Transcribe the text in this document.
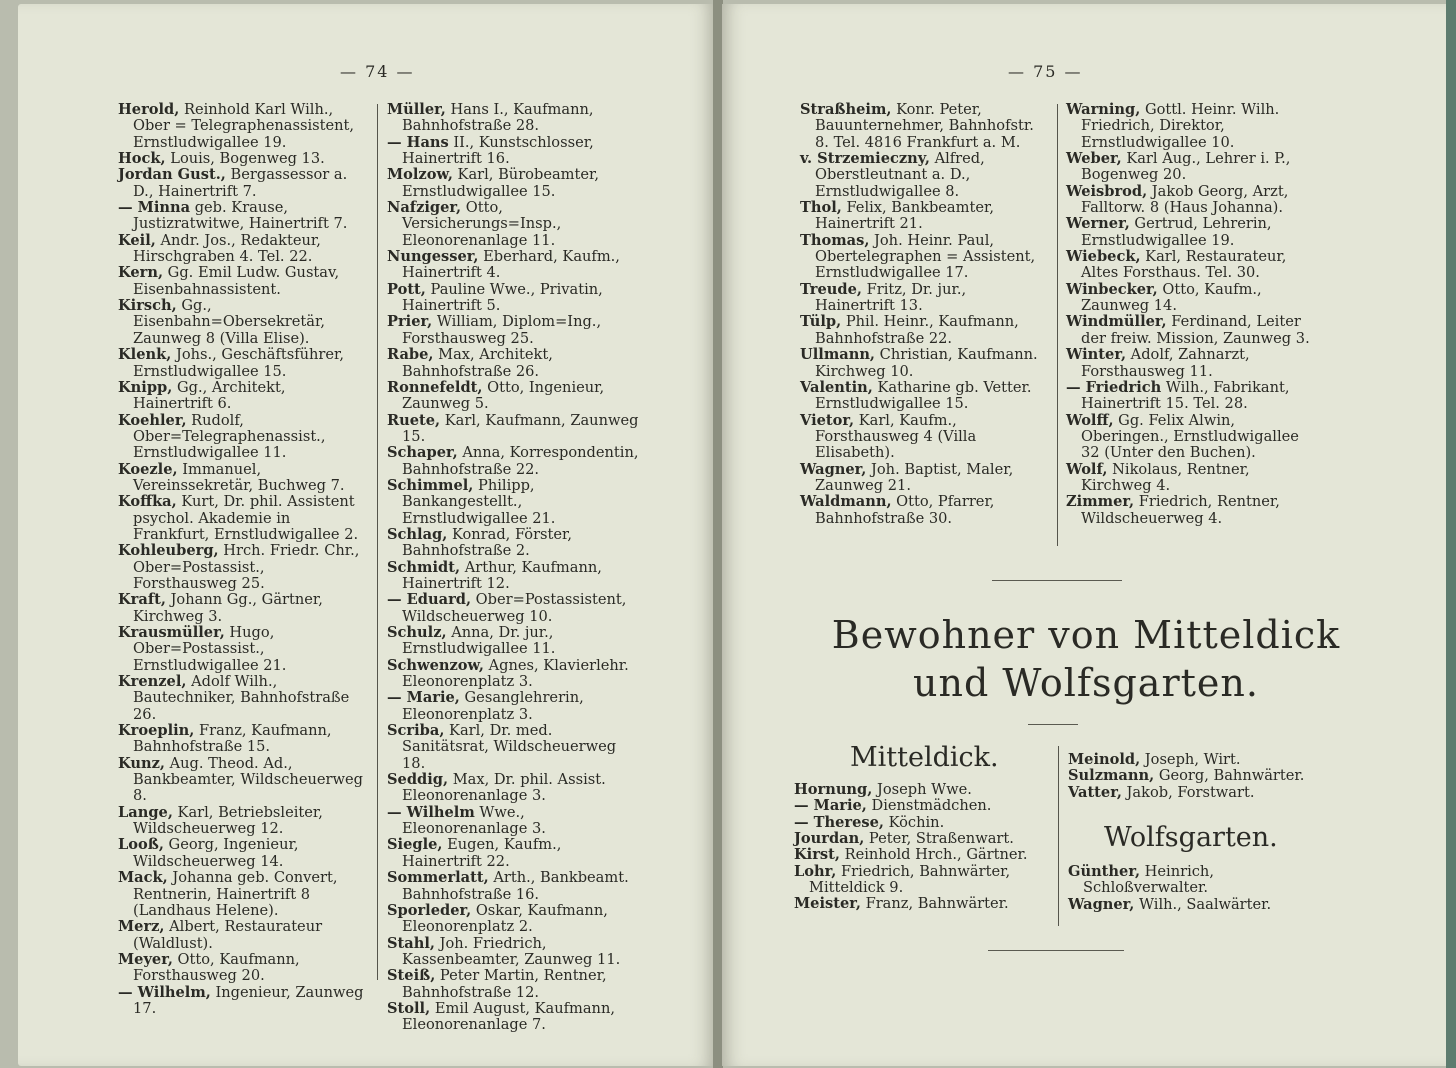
— 74 —

Herold, Reinhold Karl Wilh., Ober = Telegraphenassistent, Ernstludwigallee 19.

Hock, Louis, Bogenweg 13.

Jordan Gust., Bergassessor a. D., Hainertrift 7.

— Minna geb. Krause, Justizratwitwe, Hainertrift 7.

Keil, Andr. Jos., Redakteur, Hirschgraben 4. Tel. 22.

Kern, Gg. Emil Ludw. Gustav, Eisenbahnassistent.

Kirsch, Gg., Eisenbahn=Obersekretär, Zaunweg 8 (Villa Elise).

Klenk, Johs., Geschäftsführer, Ernstludwigallee 15.

Knipp, Gg., Architekt, Hainertrift 6.

Koehler, Rudolf, Ober=Telegraphenassist., Ernstludwigallee 11.

Koezle, Immanuel, Vereinssekretär, Buchweg 7.

Koffka, Kurt, Dr. phil. Assistent psychol. Akademie in Frankfurt, Ernstludwigallee 2.

Kohleuberg, Hrch. Friedr. Chr., Ober=Postassist., Forsthausweg 25.

Kraft, Johann Gg., Gärtner, Kirchweg 3.

Krausmüller, Hugo, Ober=Postassist., Ernstludwigallee 21.

Krenzel, Adolf Wilh., Bautechniker, Bahnhofstraße 26.

Kroeplin, Franz, Kaufmann, Bahnhofstraße 15.

Kunz, Aug. Theod. Ad., Bankbeamter, Wildscheuerweg 8.

Lange, Karl, Betriebsleiter, Wildscheuerweg 12.

Looß, Georg, Ingenieur, Wildscheuerweg 14.

Mack, Johanna geb. Convert, Rentnerin, Hainertrift 8 (Landhaus Helene).

Merz, Albert, Restaurateur (Waldlust).

Meyer, Otto, Kaufmann, Forsthausweg 20.

— Wilhelm, Ingenieur, Zaunweg 17.

Müller, Hans I., Kaufmann, Bahnhofstraße 28.

— Hans II., Kunstschlosser, Hainertrift 16.

Molzow, Karl, Bürobeamter, Ernstludwigallee 15.

Nafziger, Otto, Versicherungs=Insp., Eleonorenanlage 11.

Nungesser, Eberhard, Kaufm., Hainertrift 4.

Pott, Pauline Wwe., Privatin, Hainertrift 5.

Prier, William, Diplom=Ing., Forsthausweg 25.

Rabe, Max, Architekt, Bahnhofstraße 26.

Ronnefeldt, Otto, Ingenieur, Zaunweg 5.

Ruete, Karl, Kaufmann, Zaunweg 15.

Schaper, Anna, Korrespondentin, Bahnhofstraße 22.

Schimmel, Philipp, Bankangestellt., Ernstludwigallee 21.

Schlag, Konrad, Förster, Bahnhofstraße 2.

Schmidt, Arthur, Kaufmann, Hainertrift 12.

— Eduard, Ober=Postassistent, Wildscheuerweg 10.

Schulz, Anna, Dr. jur., Ernstludwigallee 11.

Schwenzow, Agnes, Klavierlehr. Eleonorenplatz 3.

— Marie, Gesanglehrerin, Eleonorenplatz 3.

Scriba, Karl, Dr. med. Sanitätsrat, Wildscheuerweg 18.

Seddig, Max, Dr. phil. Assist. Eleonorenanlage 3.

— Wilhelm Wwe., Eleonorenanlage 3.

Siegle, Eugen, Kaufm., Hainertrift 22.

Sommerlatt, Arth., Bankbeamt. Bahnhofstraße 16.

Sporleder, Oskar, Kaufmann, Eleonorenplatz 2.

Stahl, Joh. Friedrich, Kassenbeamter, Zaunweg 11.

Steiß, Peter Martin, Rentner, Bahnhofstraße 12.

Stoll, Emil August, Kaufmann, Eleonorenanlage 7.

— 75 —

Straßheim, Konr. Peter, Bauunternehmer, Bahnhofstr. 8. Tel. 4816 Frankfurt a. M.

v. Strzemieczny, Alfred, Oberstleutnant a. D., Ernstludwigallee 8.

Thol, Felix, Bankbeamter, Hainertrift 21.

Thomas, Joh. Heinr. Paul, Obertelegraphen = Assistent, Ernstludwigallee 17.

Treude, Fritz, Dr. jur., Hainertrift 13.

Tülp, Phil. Heinr., Kaufmann, Bahnhofstraße 22.

Ullmann, Christian, Kaufmann. Kirchweg 10.

Valentin, Katharine gb. Vetter. Ernstludwigallee 15.

Vietor, Karl, Kaufm., Forsthausweg 4 (Villa Elisabeth).

Wagner, Joh. Baptist, Maler, Zaunweg 21.

Waldmann, Otto, Pfarrer, Bahnhofstraße 30.

Warning, Gottl. Heinr. Wilh. Friedrich, Direktor, Ernstludwigallee 10.

Weber, Karl Aug., Lehrer i. P., Bogenweg 20.

Weisbrod, Jakob Georg, Arzt, Falltorw. 8 (Haus Johanna).

Werner, Gertrud, Lehrerin, Ernstludwigallee 19.

Wiebeck, Karl, Restaurateur, Altes Forsthaus. Tel. 30.

Winbecker, Otto, Kaufm., Zaunweg 14.

Windmüller, Ferdinand, Leiter der freiw. Mission, Zaunweg 3.

Winter, Adolf, Zahnarzt, Forsthausweg 11.

— Friedrich Wilh., Fabrikant, Hainertrift 15. Tel. 28.

Wolff, Gg. Felix Alwin, Oberingen., Ernstludwigallee 32 (Unter den Buchen).

Wolf, Nikolaus, Rentner, Kirchweg 4.

Zimmer, Friedrich, Rentner, Wildscheuerweg 4.

Bewohner von Mitteldick
und Wolfsgarten.
Mitteldick.

Hornung, Joseph Wwe.

— Marie, Dienstmädchen.

— Therese, Köchin.

Jourdan, Peter, Straßenwart.

Kirst, Reinhold Hrch., Gärtner.

Lohr, Friedrich, Bahnwärter, Mitteldick 9.

Meister, Franz, Bahnwärter.

Meinold, Joseph, Wirt.

Sulzmann, Georg, Bahnwärter.

Vatter, Jakob, Forstwart.

Wolfsgarten.

Günther, Heinrich, Schloßverwalter.

Wagner, Wilh., Saalwärter.
